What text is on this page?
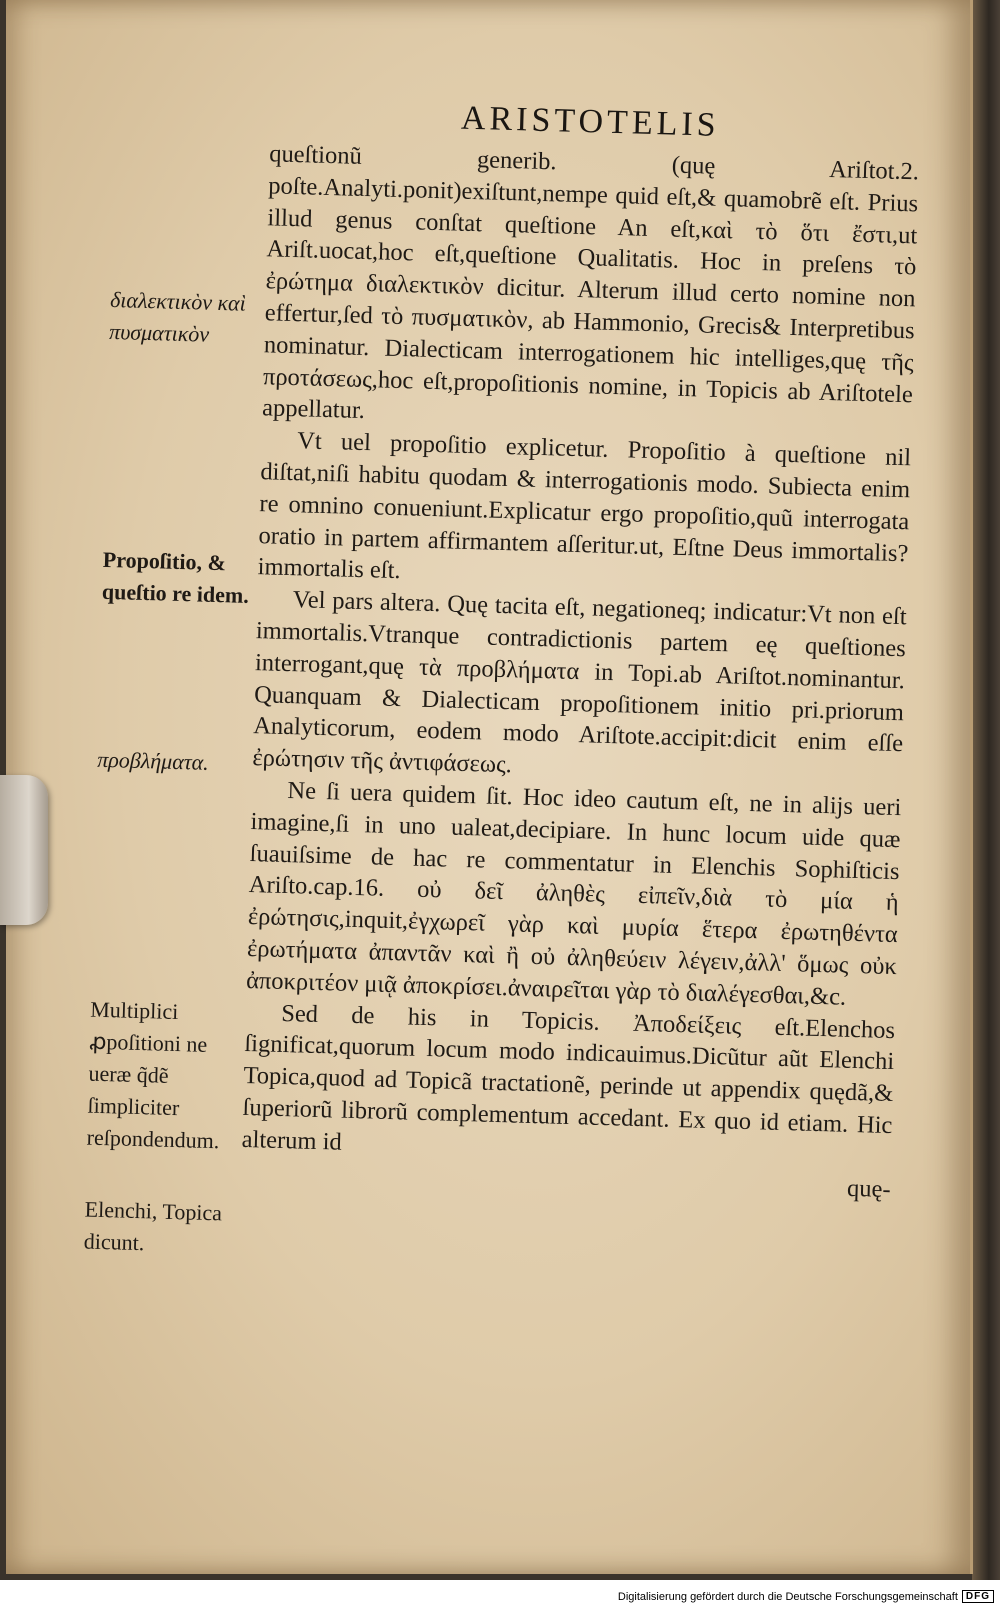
ARISTOTELIS
διαλεκτικὸν καὶ πυσματικὸν
Propoſitio, & queſtio re idem.
προβλήματα.
Multiplici ꝓpoſitioni ne ueræ q̃dẽ ſimpliciter reſpondendum.
Elenchi, Topica dicunt.

queſtionũ generib. (quę Ariſtot.2. poſte.Analyti.ponit)exiſtunt,nempe quid eſt,& quamobrẽ eſt. Prius illud genus conſtat queſtione An eſt,καὶ τὸ ὅτι ἔστι,ut Ariſt.uocat,hoc eſt,queſtione Qualitatis. Hoc in preſens τὸ ἐρώτημα διαλεκτικὸν dicitur. Alterum illud certo nomine non effertur,ſed τὸ πυσματικὸν, ab Hammonio, Grecis& Interpretibus nominatur. Dialecticam interrogationem hic intelliges,quę τῆς προτάσεως,hoc eſt,propoſitionis nomine, in Topicis ab Ariſtotele appellatur.

Vt uel propoſitio explicetur. Propoſitio à queſtione nil diſtat,niſi habitu quodam & interrogationis modo. Subiecta enim re omnino conueniunt.Explicatur ergo propoſitio,quũ interrogata oratio in partem affirmantem aſſeritur.ut, Eſtne Deus immortalis?immortalis eſt.

Vel pars altera. Quę tacita eſt, negationeq; indicatur:Vt non eſt immortalis.Vtranque contradictionis partem eę queſtiones interrogant,quę τὰ προβλήματα in Topi.ab Ariſtot.nominantur. Quanquam & Dialecticam propoſitionem initio pri.priorum Analyticorum, eodem modo Ariſtote.accipit:dicit enim eſſe ἐρώτησιν τῆς ἀντιφάσεως.

Ne ſi uera quidem ſit. Hoc ideo cautum eſt, ne in alijs ueri imagine,ſi in uno ualeat,decipiare. In hunc locum uide quæ ſuauiſsime de hac re commentatur in Elenchis Sophiſticis Ariſto.cap.16. οὐ δεῖ ἀληθὲς εἰπεῖν,διὰ τὸ μία ἡ ἐρώτησις,inquit,ἐγχωρεῖ γὰρ καὶ μυρία ἕτερα ἐρωτηθέντα ἐρωτήματα ἀπαντᾶν καὶ ἢ οὐ ἀληθεύειν λέγειν,ἀλλ' ὅμως οὐκ ἀποκριτέον μιᾷ ἀποκρίσει.ἀναιρεῖται γὰρ τὸ διαλέγεσθαι,&c.

Sed de his in Topicis. Ἀποδείξεις eſt.Elenchos ſignificat,quorum locum modo indicauimus.Dicũtur aũt Elenchi Topica,quod ad Topicã tractationẽ, perinde ut appendix quędã,& ſuperiorũ librorũ complementum accedant. Ex quo id etiam. Hic alterum id

quę-

Digitalisierung gefördert durch die Deutsche Forschungsgemeinschaft DFG
